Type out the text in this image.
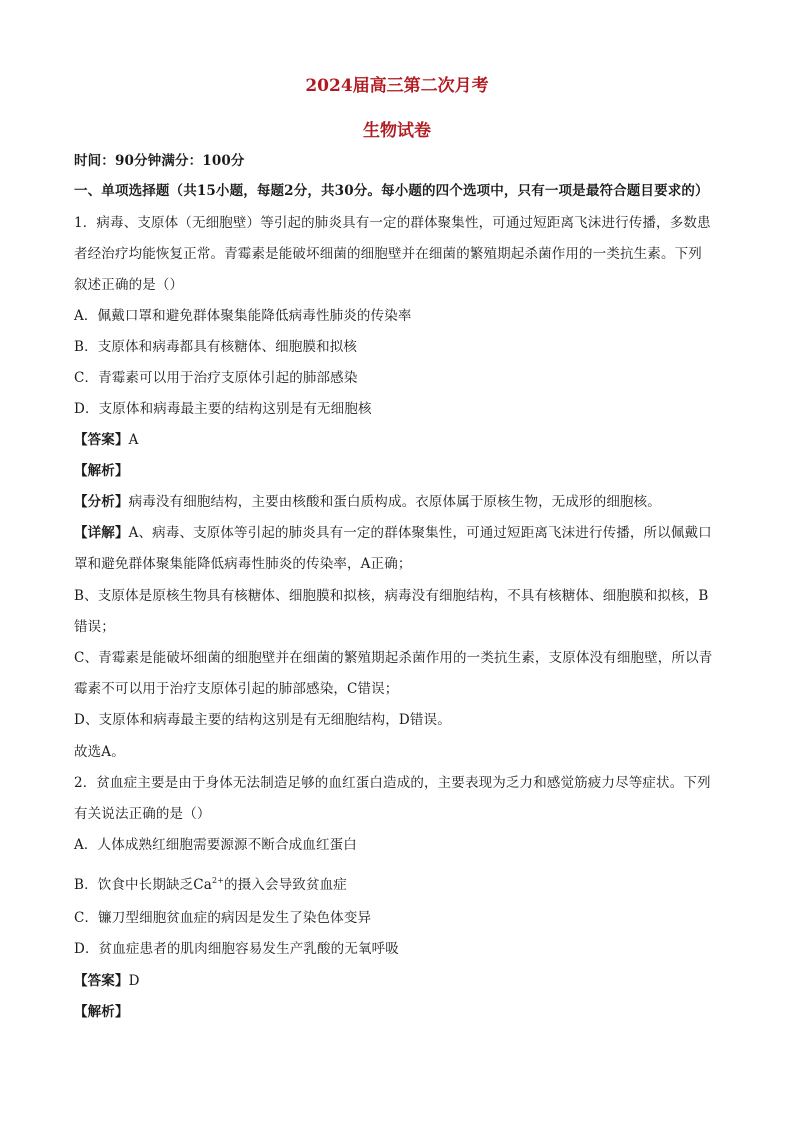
2024届高三第二次月考
生物试卷
时间：90分钟满分：100分
一、单项选择题（共15小题，每题2分，共30分。每小题的四个选项中，只有一项是最符合题目要求的）
1．病毒、支原体（无细胞壁）等引起的肺炎具有一定的群体聚集性，可通过短距离飞沫进行传播，多数患
者经治疗均能恢复正常。青霉素是能破坏细菌的细胞壁并在细菌的繁殖期起杀菌作用的一类抗生素。下列
叙述正确的是（）
A．佩戴口罩和避免群体聚集能降低病毒性肺炎的传染率
B．支原体和病毒都具有核糖体、细胞膜和拟核
C．青霉素可以用于治疗支原体引起的肺部感染
D．支原体和病毒最主要的结构这别是有无细胞核
【答案】A
【解析】
【分析】病毒没有细胞结构，主要由核酸和蛋白质构成。衣原体属于原核生物，无成形的细胞核。
【详解】A、病毒、支原体等引起的肺炎具有一定的群体聚集性，可通过短距离飞沫进行传播，所以佩戴口
罩和避免群体聚集能降低病毒性肺炎的传染率，A正确；
B、支原体是原核生物具有核糖体、细胞膜和拟核，病毒没有细胞结构，不具有核糖体、细胞膜和拟核，B
错误；
C、青霉素是能破坏细菌的细胞壁并在细菌的繁殖期起杀菌作用的一类抗生素，支原体没有细胞壁，所以青
霉素不可以用于治疗支原体引起的肺部感染，C错误；
D、支原体和病毒最主要的结构这别是有无细胞结构，D错误。
故选A。
2．贫血症主要是由于身体无法制造足够的血红蛋白造成的，主要表现为乏力和感觉筋疲力尽等症状。下列
有关说法正确的是（）
A．人体成熟红细胞需要源源不断合成血红蛋白
B．饮食中长期缺乏$Ca^{2+}$的摄入会导致贫血症
C．镰刀型细胞贫血症的病因是发生了染色体变异
D．贫血症患者的肌肉细胞容易发生产乳酸的无氧呼吸
【答案】D
【解析】
